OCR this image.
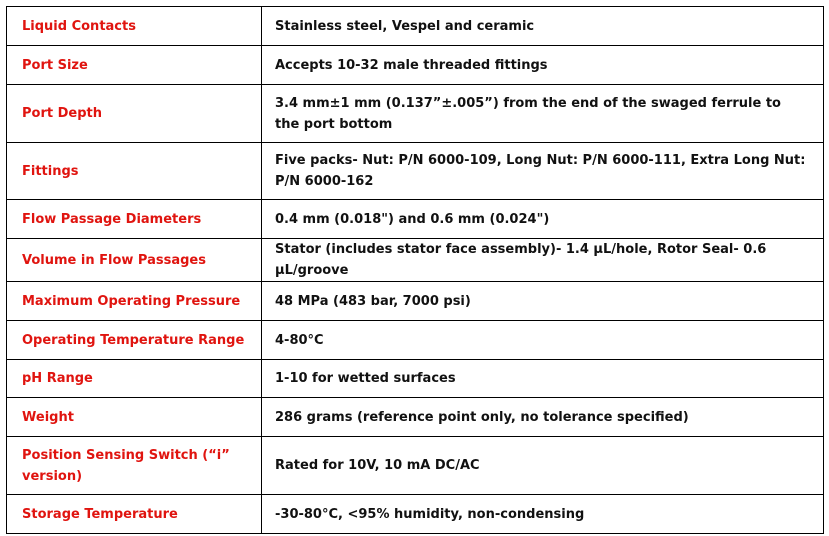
Liquid Contacts	Stainless steel, Vespel and ceramic
Port Size	Accepts 10-32 male threaded fittings
Port Depth	3.4 mm±1 mm (0.137”±.005”) from the end of the swaged ferrule to the port bottom
Fittings	Five packs- Nut: P/N 6000-109, Long Nut: P/N 6000-111, Extra Long Nut: P/N 6000-162
Flow Passage Diameters	0.4 mm (0.018") and 0.6 mm (0.024")
Volume in Flow Passages	Stator (includes stator face assembly)- 1.4 µL/hole, Rotor Seal- 0.6 µL/groove
Maximum Operating Pressure	48 MPa (483 bar, 7000 psi)
Operating Temperature Range	4-80°C
pH Range	1-10 for wetted surfaces
Weight	286 grams (reference point only, no tolerance specified)
Position Sensing Switch (“i” version)	Rated for 10V, 10 mA DC/AC
Storage Temperature	-30-80°C, <95% humidity, non-condensing
